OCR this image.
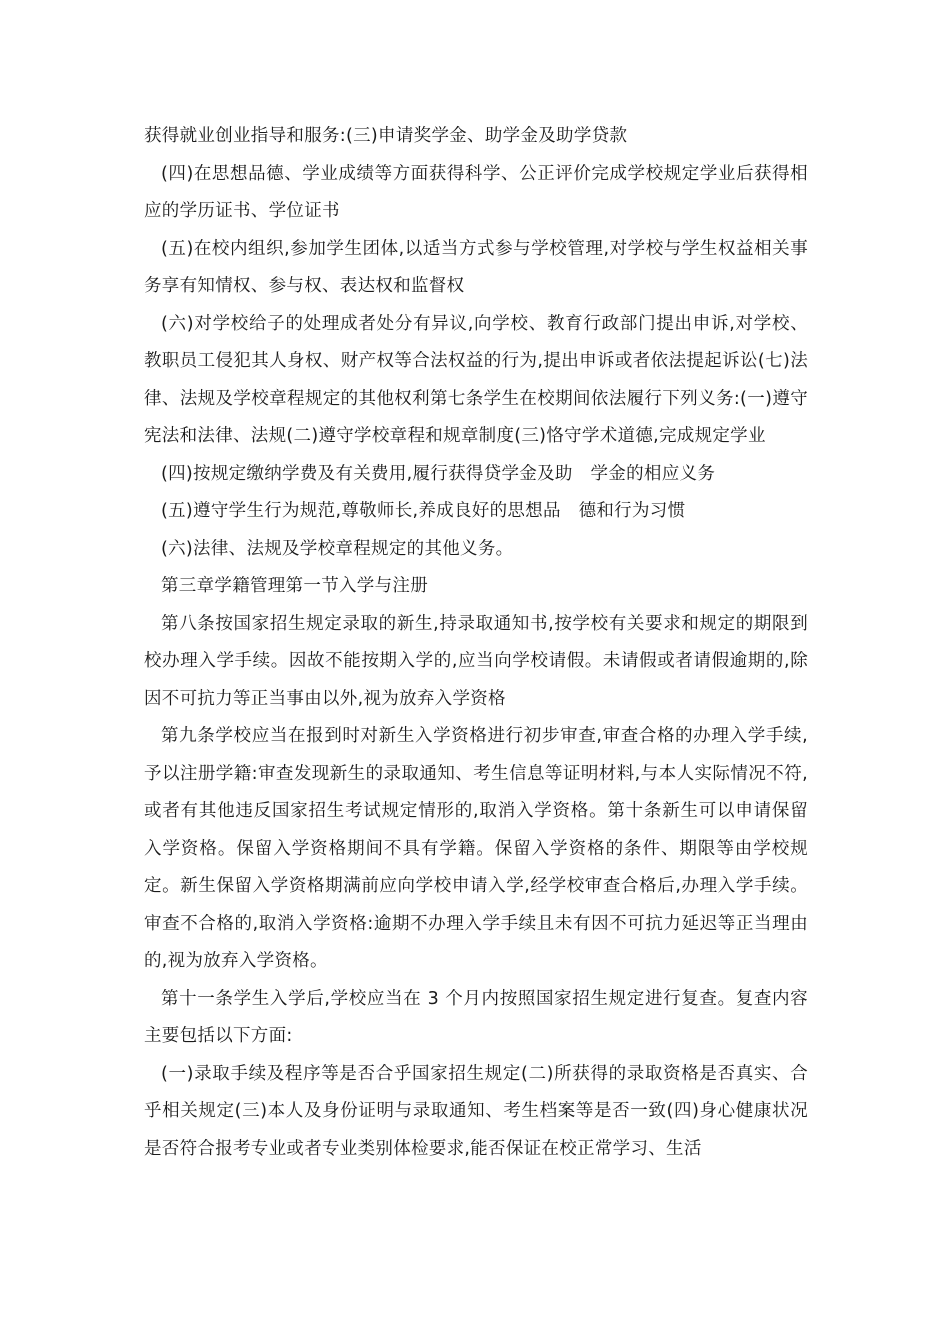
获得就业创业指导和服务:(三)申请奖学金、助学金及助学贷款

(四)在思想品德、学业成绩等方面获得科学、公正评价完成学校规定学业后获得相应的学历证书、学位证书

(五)在校内组织,参加学生团体,以适当方式参与学校管理,对学校与学生权益相关事务享有知情权、参与权、表达权和监督权

(六)对学校给子的处理成者处分有异议,向学校、教育行政部门提出申诉,对学校、教职员工侵犯其人身权、财产权等合法权益的行为,提出申诉或者依法提起诉讼(七)法律、法规及学校章程规定的其他权利第七条学生在校期间依法履行下列义务:(一)遵守宪法和法律、法规(二)遵守学校章程和规章制度(三)恪守学术道德,完成规定学业

(四)按规定缴纳学费及有关费用,履行获得贷学金及助　学金的相应义务

(五)遵守学生行为规范,尊敬师长,养成良好的思想品　德和行为习惯

(六)法律、法规及学校章程规定的其他义务。

第三章学籍管理第一节入学与注册

第八条按国家招生规定录取的新生,持录取通知书,按学校有关要求和规定的期限到校办理入学手续。因故不能按期入学的,应当向学校请假。未请假或者请假逾期的,除因不可抗力等正当事由以外,视为放弃入学资格

第九条学校应当在报到时对新生入学资格进行初步审查,审查合格的办理入学手续,予以注册学籍:审查发现新生的录取通知、考生信息等证明材料,与本人实际情况不符,或者有其他违反国家招生考试规定情形的,取消入学资格。第十条新生可以申请保留入学资格。保留入学资格期间不具有学籍。保留入学资格的条件、期限等由学校规定。新生保留入学资格期满前应向学校申请入学,经学校审查合格后,办理入学手续。审查不合格的,取消入学资格:逾期不办理入学手续且未有因不可抗力延迟等正当理由的,视为放弃入学资格。

第十一条学生入学后,学校应当在 3 个月内按照国家招生规定进行复查。复查内容主要包括以下方面:

(一)录取手续及程序等是否合乎国家招生规定(二)所获得的录取资格是否真实、合乎相关规定(三)本人及身份证明与录取通知、考生档案等是否一致(四)身心健康状况是否符合报考专业或者专业类别体检要求,能否保证在校正常学习、生活
